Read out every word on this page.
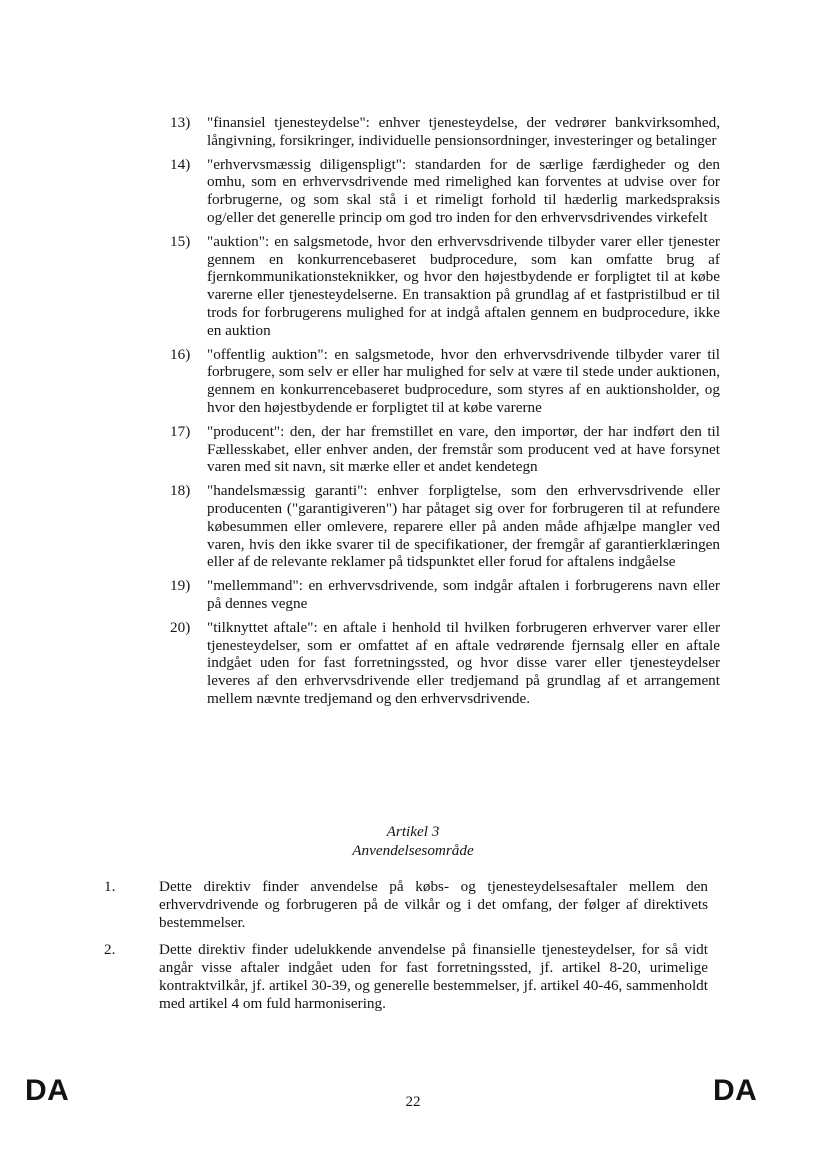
13)	"finansiel tjenesteydelse": enhver tjenesteydelse, der vedrører bankvirksomhed, långivning, forsikringer, individuelle pensionsordninger, investeringer og betalinger
14)	"erhvervsmæssig diligenspligt": standarden for de særlige færdigheder og den omhu, som en erhvervsdrivende med rimelighed kan forventes at udvise over for forbrugerne, og som skal stå i et rimeligt forhold til hæderlig markedspraksis og/eller det generelle princip om god tro inden for den erhvervsdrivendes virkefelt
15)	"auktion": en salgsmetode, hvor den erhvervsdrivende tilbyder varer eller tjenester gennem en konkurrencebaseret budprocedure, som kan omfatte brug af fjernkommunikationsteknikker, og hvor den højestbydende er forpligtet til at købe varerne eller tjenesteydelserne. En transaktion på grundlag af et fastpristilbud er til trods for forbrugerens mulighed for at indgå aftalen gennem en budprocedure, ikke en auktion
16)	"offentlig auktion": en salgsmetode, hvor den erhvervsdrivende tilbyder varer til forbrugere, som selv er eller har mulighed for selv at være til stede under auktionen, gennem en konkurrencebaseret budprocedure, som styres af en auktionsholder, og hvor den højestbydende er forpligtet til at købe varerne
17)	"producent": den, der har fremstillet en vare, den importør, der har indført den til Fællesskabet, eller enhver anden, der fremstår som producent ved at have forsynet varen med sit navn, sit mærke eller et andet kendetegn
18)	"handelsmæssig garanti": enhver forpligtelse, som den erhvervsdrivende eller producenten ("garantigiveren") har påtaget sig over for forbrugeren til at refundere købesummen eller omlevere, reparere eller på anden måde afhjælpe mangler ved varen, hvis den ikke svarer til de specifikationer, der fremgår af garantierklæringen eller af de relevante reklamer på tidspunktet eller forud for aftalens indgåelse
19)	"mellemmand": en erhvervsdrivende, som indgår aftalen i forbrugerens navn eller på dennes vegne
20)	"tilknyttet aftale": en aftale i henhold til hvilken forbrugeren erhverver varer eller tjenesteydelser, som er omfattet af en aftale vedrørende fjernsalg eller en aftale indgået uden for fast forretningssted, og hvor disse varer eller tjenesteydelser leveres af den erhvervsdrivende eller tredjemand på grundlag af et arrangement mellem nævnte tredjemand og den erhvervsdrivende.
Artikel 3
Anvendelsesområde
1.	Dette direktiv finder anvendelse på købs- og tjenesteydelsesaftaler mellem den erhvervdrivende og forbrugeren på de vilkår og i det omfang, der følger af direktivets bestemmelser.
2.	Dette direktiv finder udelukkende anvendelse på finansielle tjenesteydelser, for så vidt angår visse aftaler indgået uden for fast forretningssted, jf. artikel 8-20, urimelige kontraktvilkår, jf. artikel 30-39, og generelle bestemmelser, jf. artikel 40-46, sammenholdt med artikel 4 om fuld harmonisering.
DA	22	DA
